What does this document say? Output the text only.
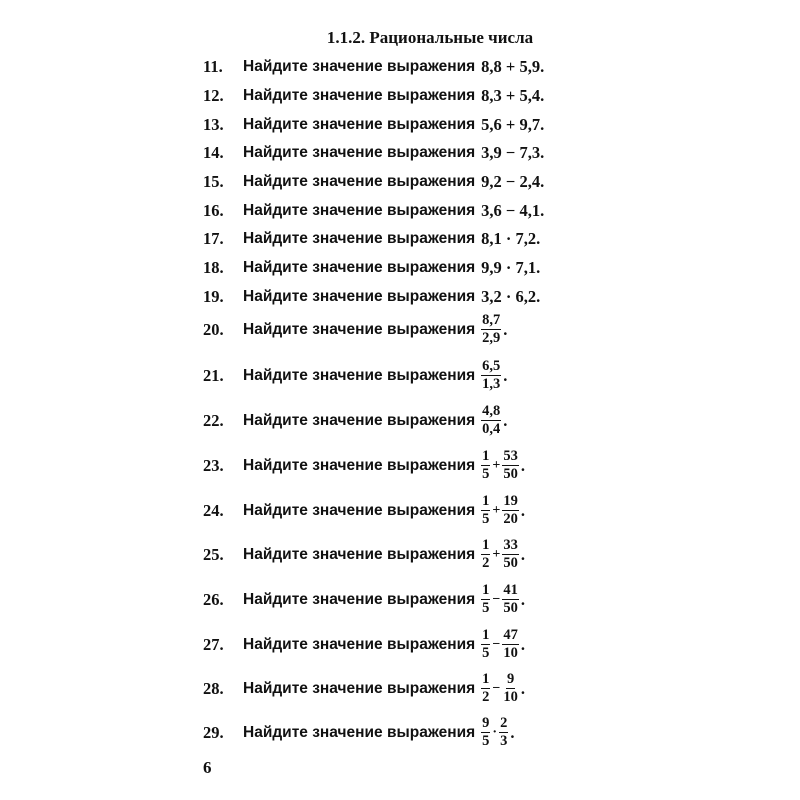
1.1.2. Рациональные числа
11.	Найдите значение выражения 8,8 + 5,9.
12.	Найдите значение выражения 8,3 + 5,4.
13.	Найдите значение выражения 5,6 + 9,7.
14.	Найдите значение выражения 3,9 − 7,3.
15.	Найдите значение выражения 9,2 − 2,4.
16.	Найдите значение выражения 3,6 − 4,1.
17.	Найдите значение выражения 8,1 · 7,2.
18.	Найдите значение выражения 9,9 · 7,1.
19.	Найдите значение выражения 3,2 · 6,2.
20.	Найдите значение выражения $\frac{8,7}{2,9}$ .
21.	Найдите значение выражения $\frac{6,5}{1,3}$ .
22.	Найдите значение выражения $\frac{4,8}{0,4}$ .
23.	Найдите значение выражения $\frac{1}{5} + \frac{53}{50}$ .
24.	Найдите значение выражения $\frac{1}{5} + \frac{19}{20}$ .
25.	Найдите значение выражения $\frac{1}{2} + \frac{33}{50}$ .
26.	Найдите значение выражения $\frac{1}{5} - \frac{41}{50}$ .
27.	Найдите значение выражения $\frac{1}{5} - \frac{47}{10}$ .
28.	Найдите значение выражения $\frac{1}{2} - \frac{9}{10}$ .
29.	Найдите значение выражения $\frac{9}{5} \cdot \frac{2}{3}$ .
6
